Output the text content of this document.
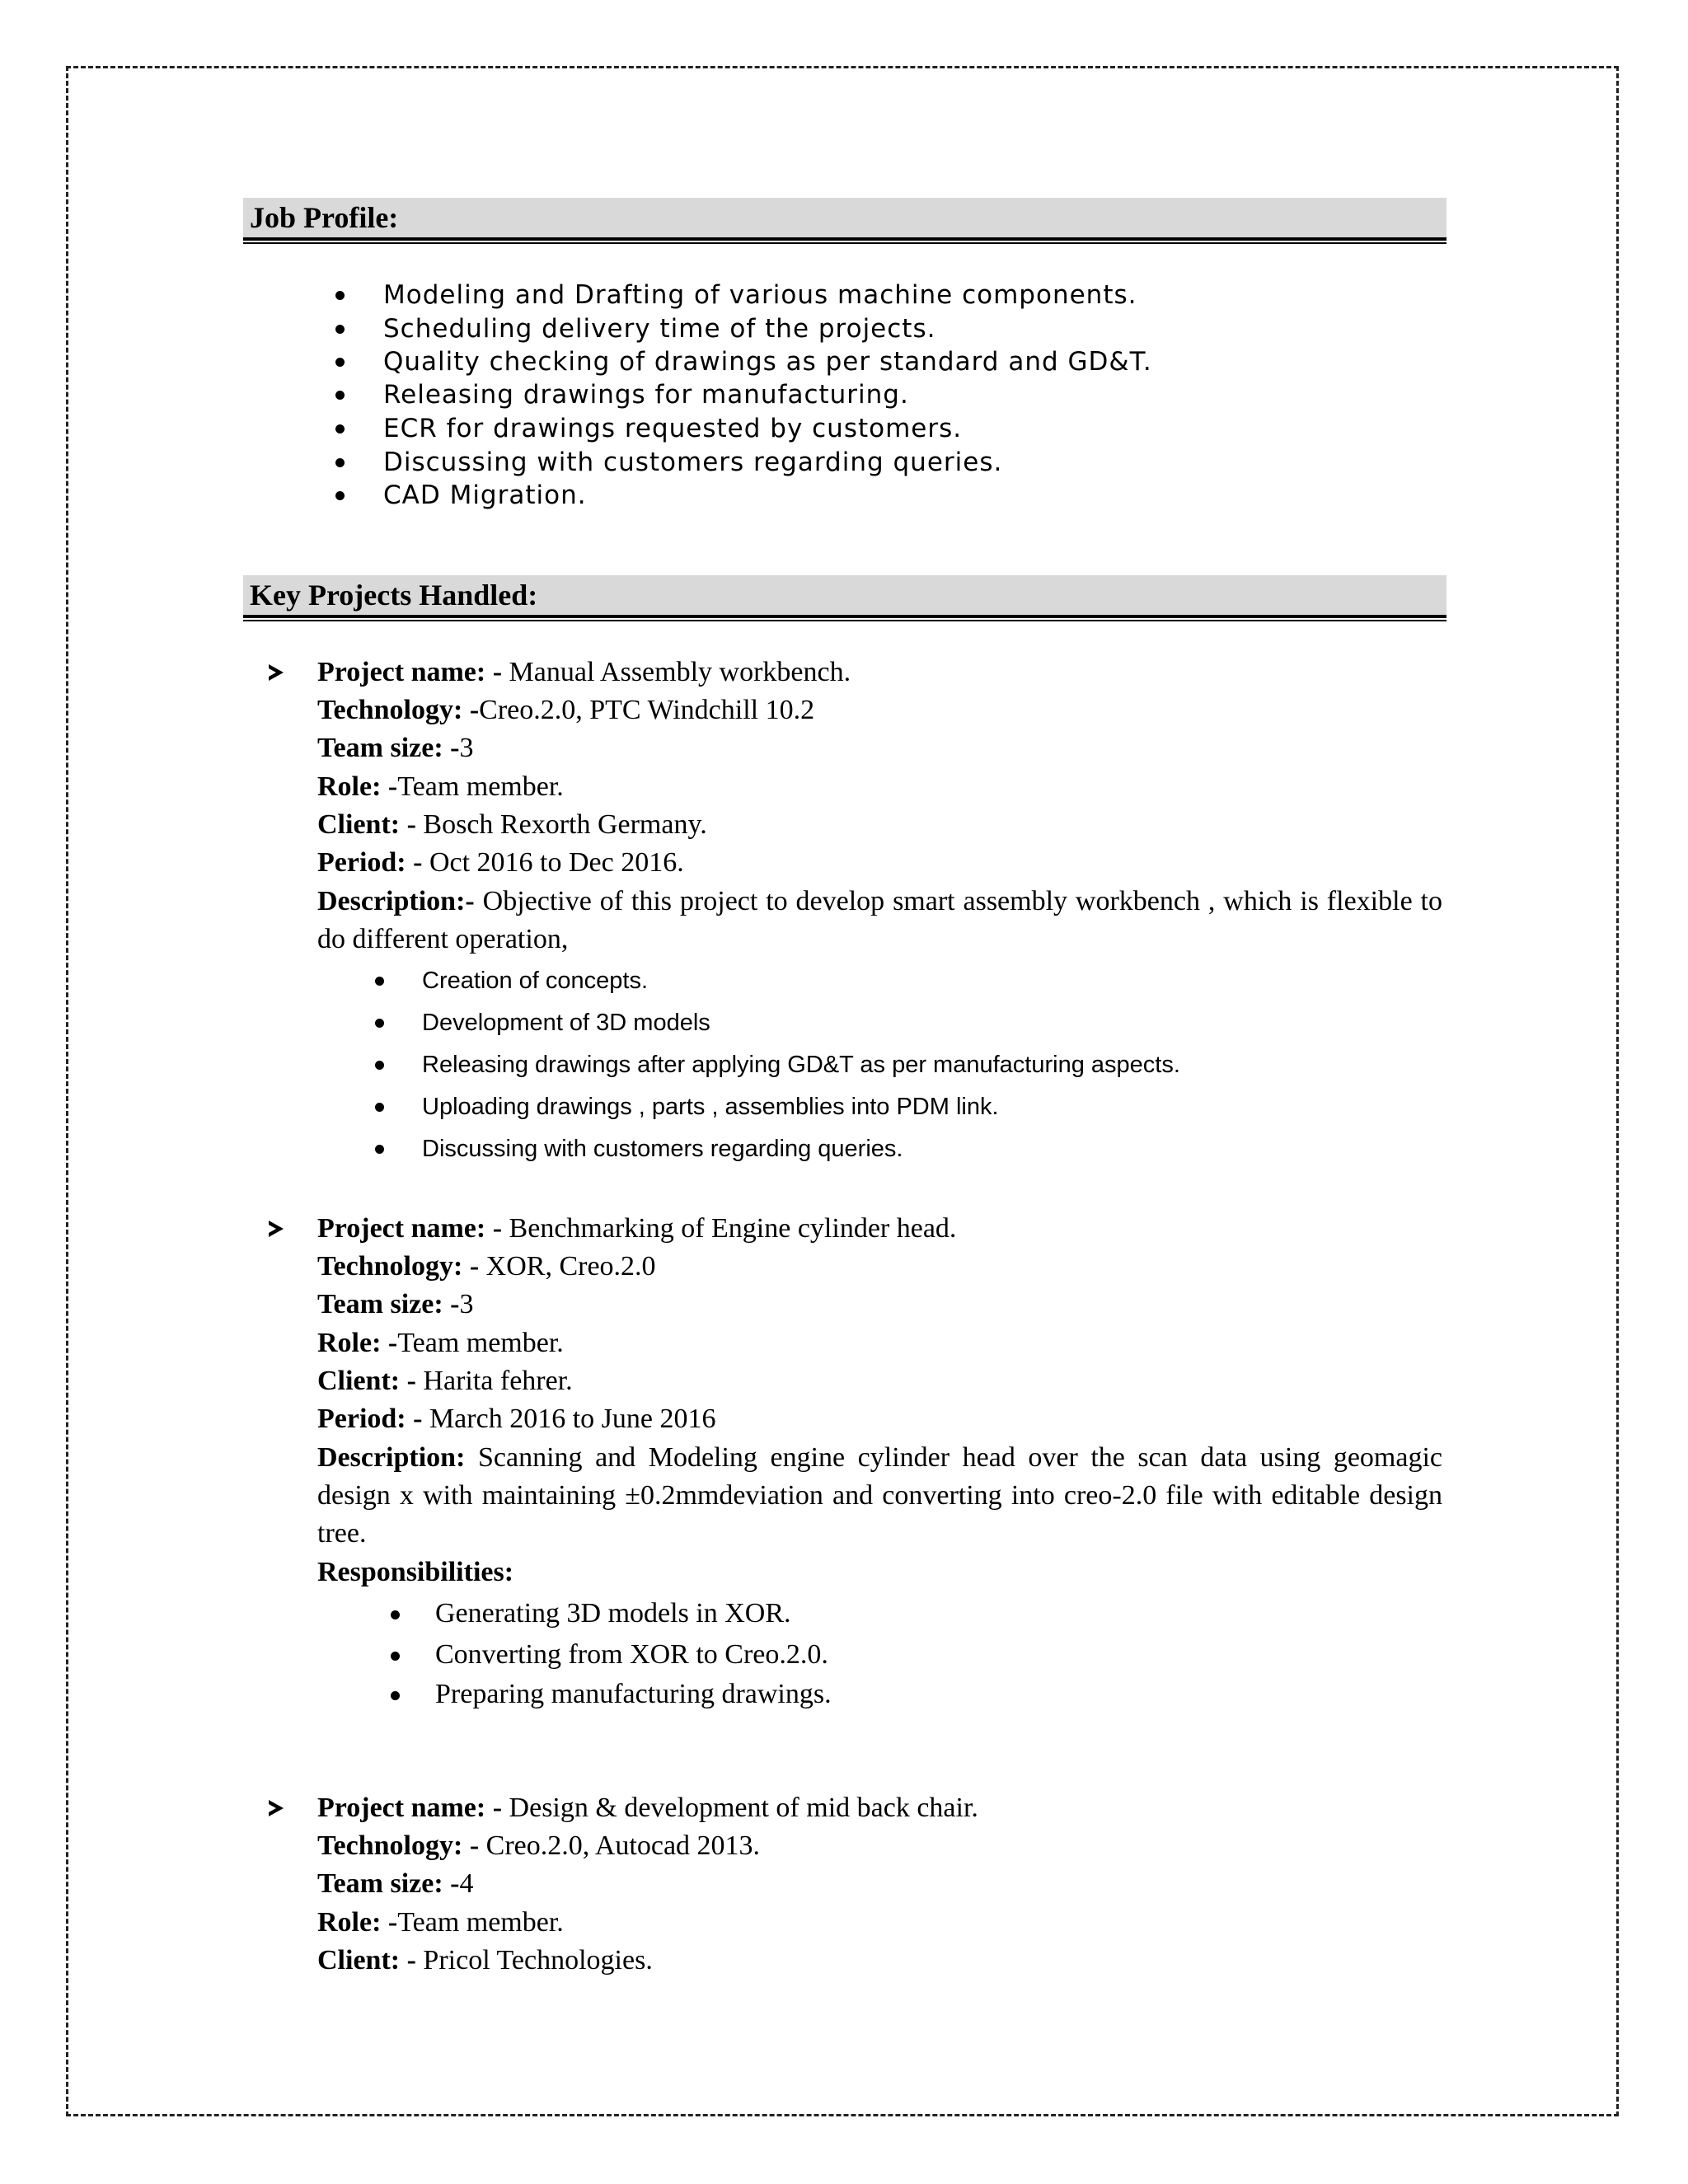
Job Profile:
Modeling and Drafting of various machine components.
Scheduling delivery time of the projects.
Quality checking of drawings as per standard and GD&T.
Releasing drawings for manufacturing.
ECR for drawings requested by customers.
Discussing with customers regarding queries.
CAD Migration.
Key Projects Handled:
Project name: - Manual Assembly workbench.
Technology: -Creo.2.0, PTC Windchill 10.2
Team size: -3
Role: -Team member.
Client: - Bosch Rexorth Germany.
Period: - Oct 2016 to Dec 2016.
Description:- Objective of this project to develop smart assembly workbench , which is flexible to do different operation,
Creation of concepts.
Development of 3D models
Releasing drawings after applying GD&T as per manufacturing aspects.
Uploading drawings , parts , assemblies into PDM link.
Discussing with customers regarding queries.
Project name: - Benchmarking of Engine cylinder head.
Technology: - XOR, Creo.2.0
Team size: -3
Role: -Team member.
Client: - Harita fehrer.
Period: - March 2016 to June 2016
Description: Scanning and Modeling engine cylinder head over the scan data using geomagic design x with maintaining ±0.2mmdeviation and converting into creo-2.0 file with editable design tree.
Responsibilities:
Generating 3D models in XOR.
Converting from XOR to Creo.2.0.
Preparing manufacturing drawings.
Project name: - Design & development of mid back chair.
Technology: - Creo.2.0, Autocad 2013.
Team size: -4
Role: -Team member.
Client: - Pricol Technologies.
